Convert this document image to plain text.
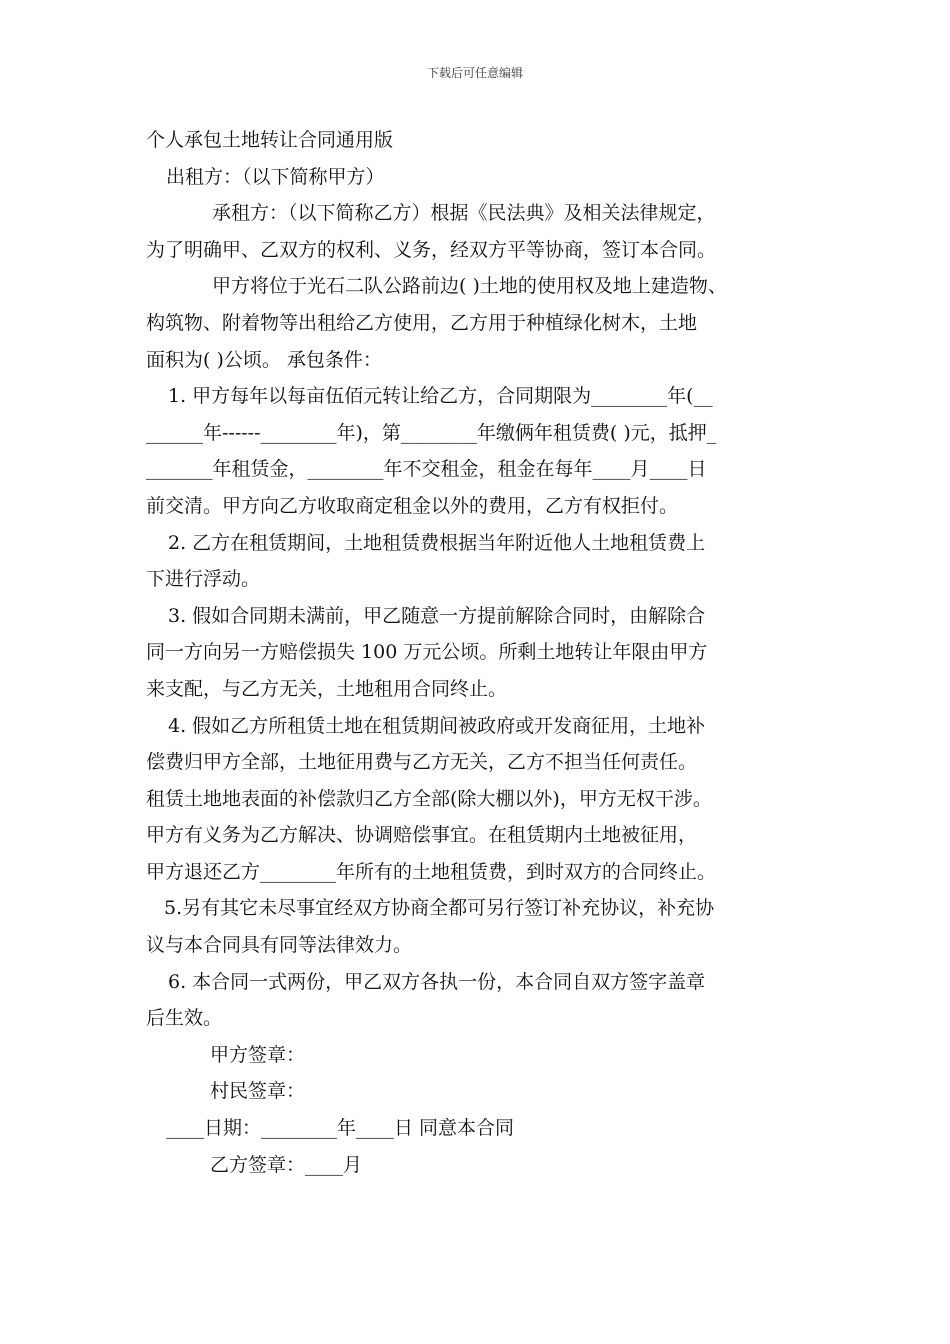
下载后可任意编辑
个人承包土地转让合同通用版
出租方：（以下简称甲方）
承租方：（以下简称乙方）根据《民法典》及相关法律规定，
为了明确甲、乙双方的权利、义务，经双方平等协商，签订本合同。
甲方将位于光石二队公路前边( )土地的使用权及地上建造物、
构筑物、附着物等出租给乙方使用，乙方用于种植绿化树木，土地
面积为( )公顷。 承包条件：
1. 甲方每年以每亩伍佰元转让给乙方，合同期限为________年(__
______年------________年)，第________年缴俩年租赁费( )元，抵押_
_______年租赁金，________年不交租金，租金在每年____月____日
前交清。甲方向乙方收取商定租金以外的费用，乙方有权拒付。
2. 乙方在租赁期间，土地租赁费根据当年附近他人土地租赁费上
下进行浮动。
3. 假如合同期未满前，甲乙随意一方提前解除合同时，由解除合
同一方向另一方赔偿损失 100 万元公顷。所剩土地转让年限由甲方
来支配，与乙方无关，土地租用合同终止。
4. 假如乙方所租赁土地在租赁期间被政府或开发商征用，土地补
偿费归甲方全部，土地征用费与乙方无关，乙方不担当任何责任。
租赁土地地表面的补偿款归乙方全部(除大棚以外)，甲方无权干涉。
甲方有义务为乙方解决、协调赔偿事宜。在租赁期内土地被征用，
甲方退还乙方________年所有的土地租赁费，到时双方的合同终止。
5.另有其它未尽事宜经双方协商全都可另行签订补充协议，补充协
议与本合同具有同等法律效力。
6. 本合同一式两份，甲乙双方各执一份，本合同自双方签字盖章
后生效。
甲方签章：
村民签章：
____日期：________年____日 同意本合同
乙方签章：____月
